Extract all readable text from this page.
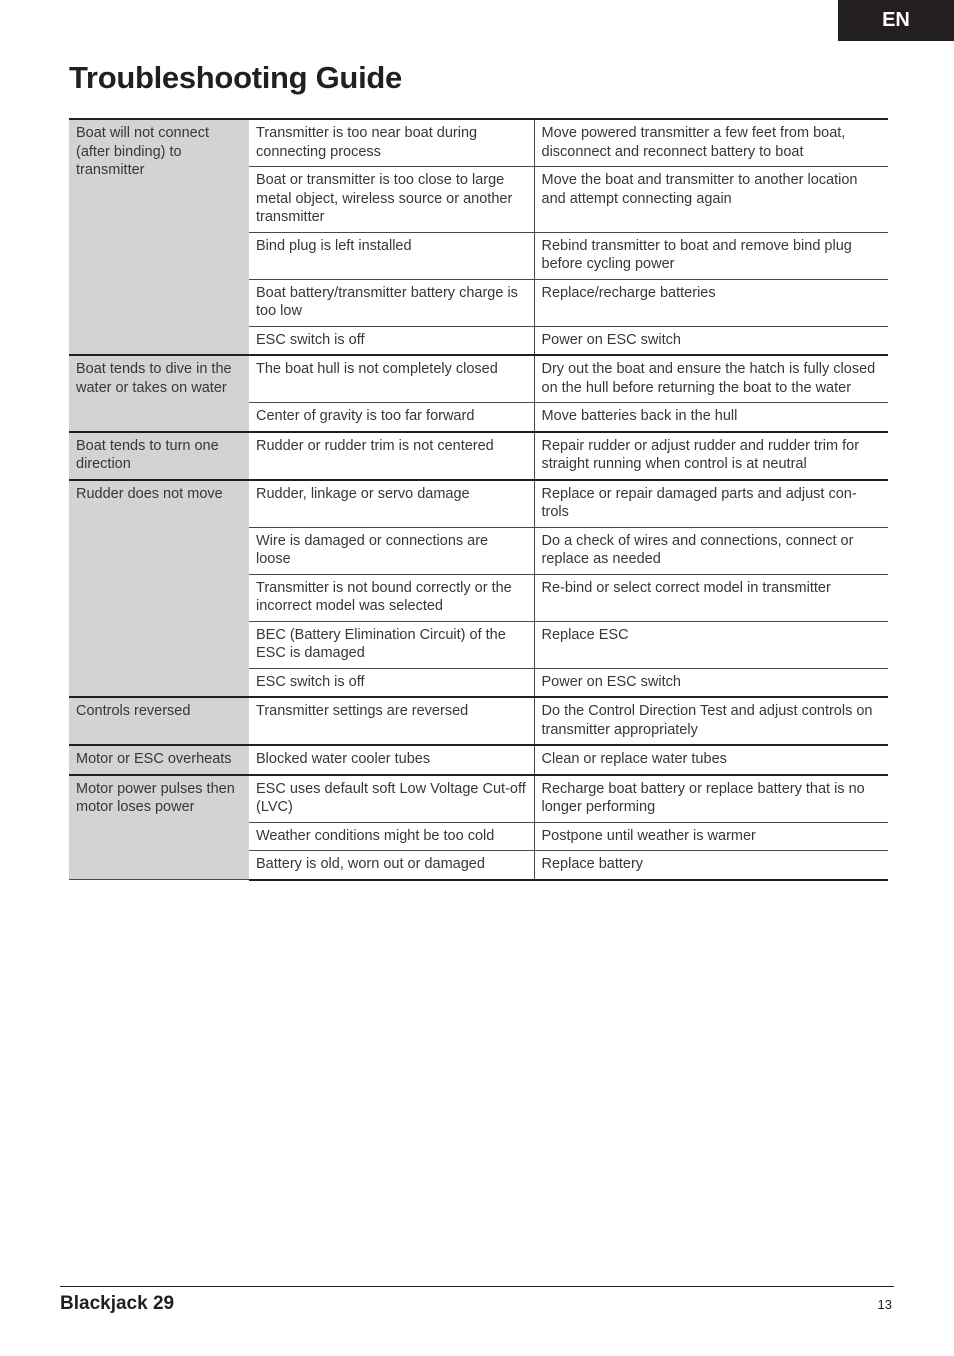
EN
Troubleshooting Guide
Boat will not connect (after binding) to transmitter	Transmitter is too near boat during connecting process	Move powered transmitter a few feet from boat, disconnect and reconnect battery to boat
	Boat or transmitter is too close to large metal object, wireless source or another transmitter	Move the boat and transmitter to another location and attempt connecting again
	Bind plug is left installed	Rebind transmitter to boat and remove bind plug before cycling power
	Boat battery/transmitter battery charge is too low	Replace/recharge batteries
	ESC switch is off	Power on ESC switch
Boat tends to dive in the water or takes on water	The boat hull is not completely closed	Dry out the boat and ensure the hatch is fully closed on the hull before returning the boat to the water
	Center of gravity is too far forward	Move batteries back in the hull
Boat tends to turn one direction	Rudder or rudder trim is not centered	Repair rudder or adjust rudder and rudder trim for straight running when control is at neutral
Rudder does not move	Rudder, linkage or servo damage	Replace or repair damaged parts and adjust con-trols
	Wire is damaged or connections are loose	Do a check of wires and connections, connect or replace as needed
	Transmitter is not bound correctly or the incorrect model was selected	Re-bind or select correct model in transmitter
	BEC (Battery Elimination Circuit) of the ESC is damaged	Replace ESC
	ESC switch is off	Power on ESC switch
Controls reversed	Transmitter settings are reversed	Do the Control Direction Test and adjust controls on transmitter appropriately
Motor or ESC overheats	Blocked water cooler tubes	Clean or replace water tubes
Motor power pulses then motor loses power	ESC uses default soft Low Voltage Cut-off (LVC)	Recharge boat battery or replace battery that is no longer performing
	Weather conditions might be too cold	Postpone until weather is warmer
	Battery is old, worn out or damaged	Replace battery
Blackjack 29	13
